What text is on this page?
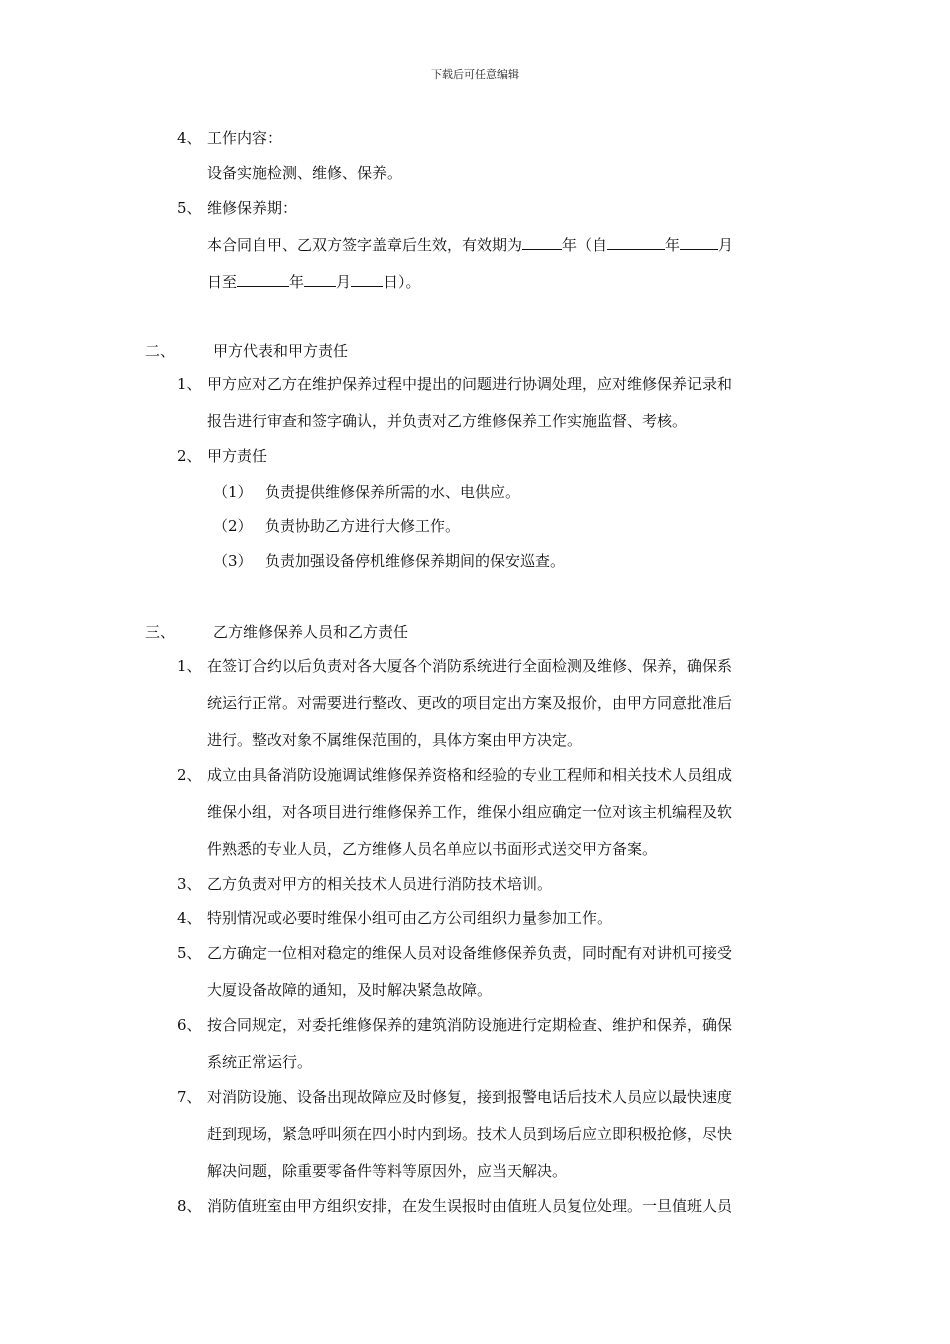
下载后可任意编辑
4、 工作内容：
设备实施检测、维修、保养。
5、 维修保养期：
本合同自甲、乙双方签字盖章后生效，有效期为	年（自	年	月
日至	年 月 日）。
二、	甲方代表和甲方责任
1、 甲方应对乙方在维护保养过程中提出的问题进行协调处理，应对维修保养记录和
报告进行审查和签字确认，并负责对乙方维修保养工作实施监督、考核。
2、 甲方责任
（1） 负责提供维修保养所需的水、电供应。
（2） 负责协助乙方进行大修工作。
（3） 负责加强设备停机维修保养期间的保安巡查。
三、	乙方维修保养人员和乙方责任
1、 在签订合约以后负责对各大厦各个消防系统进行全面检测及维修、保养，确保系
统运行正常。对需要进行整改、更改的项目定出方案及报价，由甲方同意批准后
进行。整改对象不属维保范围的，具体方案由甲方决定。
2、 成立由具备消防设施调试维修保养资格和经验的专业工程师和相关技术人员组成
维保小组，对各项目进行维修保养工作，维保小组应确定一位对该主机编程及软
件熟悉的专业人员，乙方维修人员名单应以书面形式送交甲方备案。
3、 乙方负责对甲方的相关技术人员进行消防技术培训。
4、 特别情况或必要时维保小组可由乙方公司组织力量参加工作。
5、 乙方确定一位相对稳定的维保人员对设备维修保养负责，同时配有对讲机可接受
大厦设备故障的通知，及时解决紧急故障。
6、 按合同规定，对委托维修保养的建筑消防设施进行定期检查、维护和保养，确保
系统正常运行。
7、 对消防设施、设备出现故障应及时修复，接到报警电话后技术人员应以最快速度
赶到现场，紧急呼叫须在四小时内到场。技术人员到场后应立即积极抢修，尽快
解决问题，除重要零备件等料等原因外，应当天解决。
8、 消防值班室由甲方组织安排，在发生误报时由值班人员复位处理。一旦值班人员
